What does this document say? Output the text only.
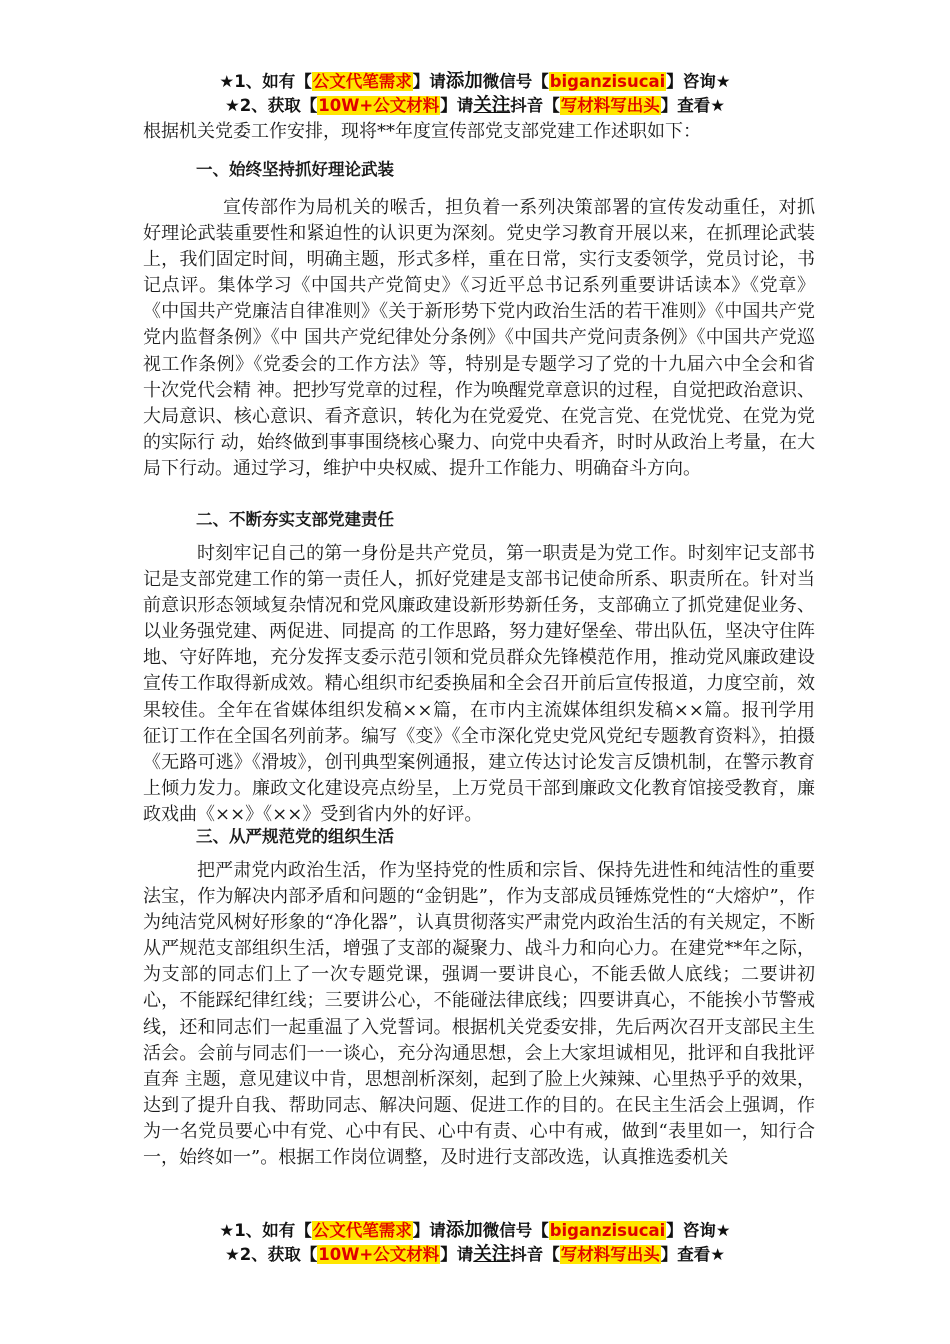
★1、如有【公文代笔需求】请添加微信号【biganzisucai】咨询★
★2、获取【10W+公文材料】请关注抖音【写材料写出头】查看★
根据机关党委工作安排，现将**年度宣传部党支部党建工作述职如下：
一、始终坚持抓好理论武装

宣传部作为局机关的喉舌，担负着一系列决策部署的宣传发动重任，对抓好理论武装重要性和紧迫性的认识更为深刻。党史学习教育开展以来，在抓理论武装上，我们固定时间，明确主题，形式多样，重在日常，实行支委领学，党员讨论，书记点评。集体学习《中国共产党简史》《习近平总书记系列重要讲话读本》《党章》《中国共产党廉洁自律准则》《关于新形势下党内政治生活的若干准则》《中国共产党党内监督条例》《中 国共产党纪律处分条例》《中国共产党问责条例》《中国共产党巡视工作条例》《党委会的工作方法》等，特别是专题学习了党的十九届六中全会和省十次党代会精 神。把抄写党章的过程，作为唤醒党章意识的过程，自觉把政治意识、大局意识、核心意识、看齐意识，转化为在党爱党、在党言党、在党忧党、在党为党的实际行 动，始终做到事事围绕核心聚力、向党中央看齐，时时从政治上考量，在大局下行动。通过学习，维护中央权威、提升工作能力、明确奋斗方向。

二、不断夯实支部党建责任

时刻牢记自己的第一身份是共产党员，第一职责是为党工作。时刻牢记支部书记是支部党建工作的第一责任人，抓好党建是支部书记使命所系、职责所在。针对当前意识形态领域复杂情况和党风廉政建设新形势新任务，支部确立了抓党建促业务、以业务强党建、两促进、同提高 的工作思路，努力建好堡垒、带出队伍，坚决守住阵地、守好阵地，充分发挥支委示范引领和党员群众先锋模范作用，推动党风廉政建设宣传工作取得新成效。精心组织市纪委换届和全会召开前后宣传报道，力度空前，效果较佳。全年在省媒体组织发稿××篇，在市内主流媒体组织发稿××篇。报刊学用征订工作在全国名列前茅。编写《变》《全市深化党史党风党纪专题教育资料》，拍摄《无路可逃》《滑坡》，创刊典型案例通报，建立传达讨论发言反馈机制，在警示教育上倾力发力。廉政文化建设亮点纷呈，上万党员干部到廉政文化教育馆接受教育，廉政戏曲《××》《××》受到省内外的好评。

三、从严规范党的组织生活

把严肃党内政治生活，作为坚持党的性质和宗旨、保持先进性和纯洁性的重要法宝，作为解决内部矛盾和问题的“金钥匙”，作为支部成员锤炼党性的“大熔炉”，作为纯洁党风树好形象的“净化器”，认真贯彻落实严肃党内政治生活的有关规定，不断从严规范支部组织生活，增强了支部的凝聚力、战斗力和向心力。在建党**年之际，为支部的同志们上了一次专题党课，强调一要讲良心，不能丢做人底线；二要讲初心，不能踩纪律红线；三要讲公心，不能碰法律底线；四要讲真心，不能挨小节警戒线，还和同志们一起重温了入党誓词。根据机关党委安排，先后两次召开支部民主生活会。会前与同志们一一谈心，充分沟通思想，会上大家坦诚相见，批评和自我批评直奔 主题，意见建议中肯，思想剖析深刻，起到了脸上火辣辣、心里热乎乎的效果，达到了提升自我、帮助同志、解决问题、促进工作的目的。在民主生活会上强调，作为一名党员要心中有党、心中有民、心中有责、心中有戒，做到“表里如一，知行合一，始终如一”。根据工作岗位调整，及时进行支部改选，认真推选委机关

★1、如有【公文代笔需求】请添加微信号【biganzisucai】咨询★
★2、获取【10W+公文材料】请关注抖音【写材料写出头】查看★
